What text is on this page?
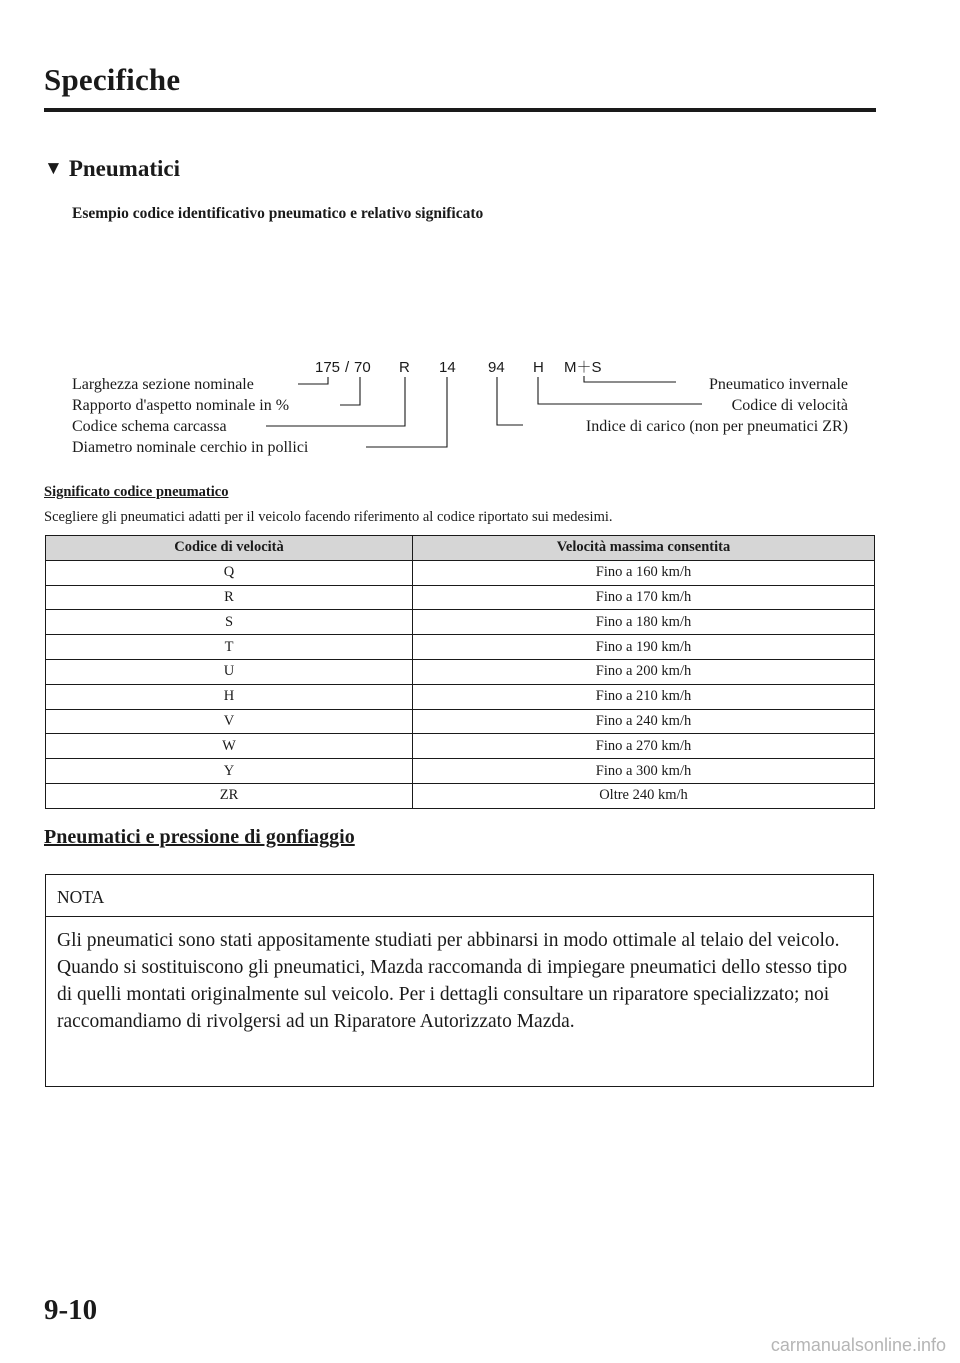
Specifiche
▼ Pneumatici
Esempio codice identificativo pneumatico e relativo significato
175 / 70 R 14 94 H M＋S
Larghezza sezione nominale
Rapporto d'aspetto nominale in %
Codice schema carcassa
Diametro nominale cerchio in pollici
Pneumatico invernale
Codice di velocità
Indice di carico (non per pneumatici ZR)
Significato codice pneumatico
Scegliere gli pneumatici adatti per il veicolo facendo riferimento al codice riportato sui medesimi.
Codice di velocità	Velocità massima consentita
Q	Fino a 160 km/h
R	Fino a 170 km/h
S	Fino a 180 km/h
T	Fino a 190 km/h
U	Fino a 200 km/h
H	Fino a 210 km/h
V	Fino a 240 km/h
W	Fino a 270 km/h
Y	Fino a 300 km/h
ZR	Oltre 240 km/h
Pneumatici e pressione di gonfiaggio
NOTA

Gli pneumatici sono stati appositamente studiati per abbinarsi in modo ottimale al telaio del veicolo.

Quando si sostituiscono gli pneumatici, Mazda raccomanda di impiegare pneumatici dello stesso tipo di quelli montati originalmente sul veicolo. Per i dettagli consultare un riparatore specializzato; noi raccomandiamo di rivolgersi ad un Riparatore Autorizzato Mazda.

9-10
carmanualsonline.info
